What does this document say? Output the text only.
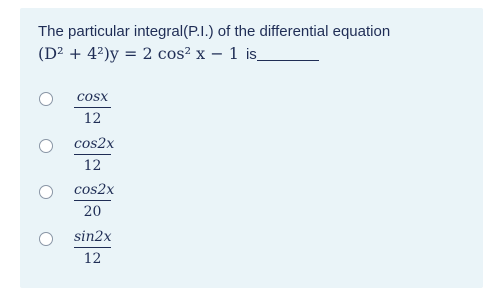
The particular integral(P.I.) of the differential equation
(D² + 4²)y = 2 cos² x − 1 is
cosx
12
cos2x
12
cos2x
20
sin2x
12
